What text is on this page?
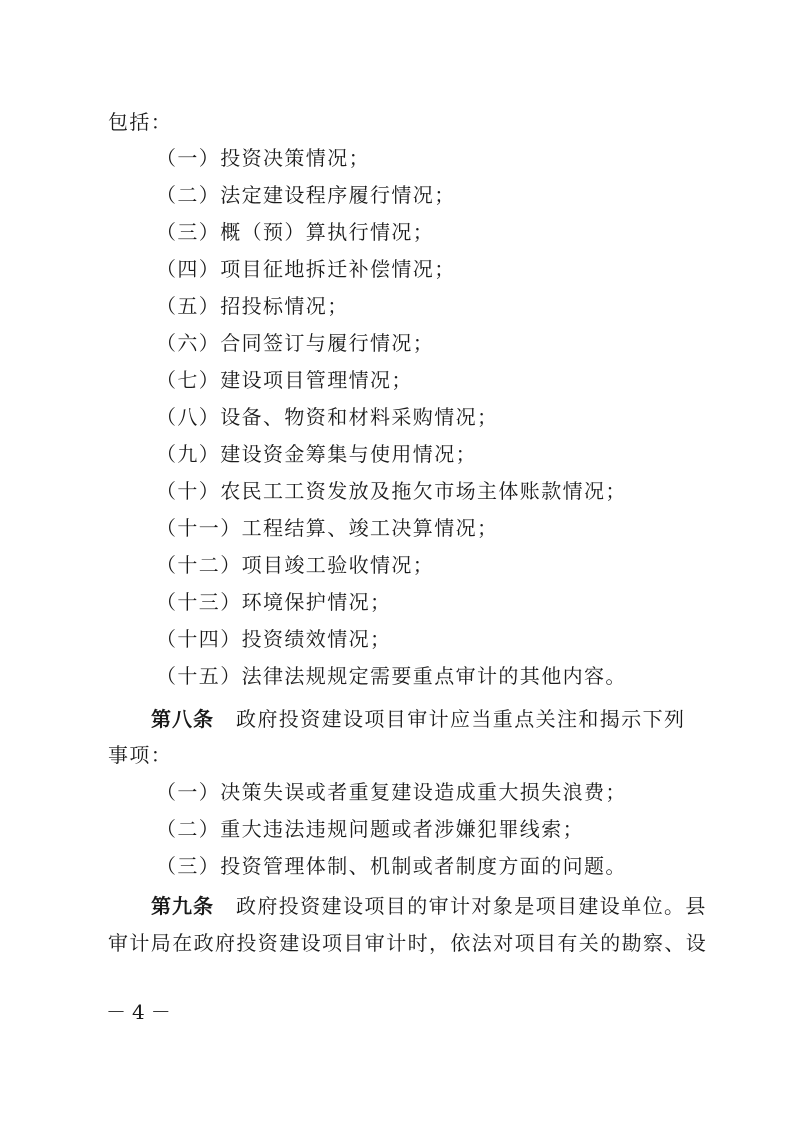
包括：
（一）投资决策情况；
（二）法定建设程序履行情况；
（三）概（预）算执行情况；
（四）项目征地拆迁补偿情况；
（五）招投标情况；
（六）合同签订与履行情况；
（七）建设项目管理情况；
（八）设备、物资和材料采购情况；
（九）建设资金筹集与使用情况；
（十）农民工工资发放及拖欠市场主体账款情况；
（十一）工程结算、竣工决算情况；
（十二）项目竣工验收情况；
（十三）环境保护情况；
（十四）投资绩效情况；
（十五）法律法规规定需要重点审计的其他内容。
第八条 政府投资建设项目审计应当重点关注和揭示下列
事项：
（一）决策失误或者重复建设造成重大损失浪费；
（二）重大违法违规问题或者涉嫌犯罪线索；
（三）投资管理体制、机制或者制度方面的问题。
第九条 政府投资建设项目的审计对象是项目建设单位。县
审计局在政府投资建设项目审计时，依法对项目有关的勘察、设
－4－
